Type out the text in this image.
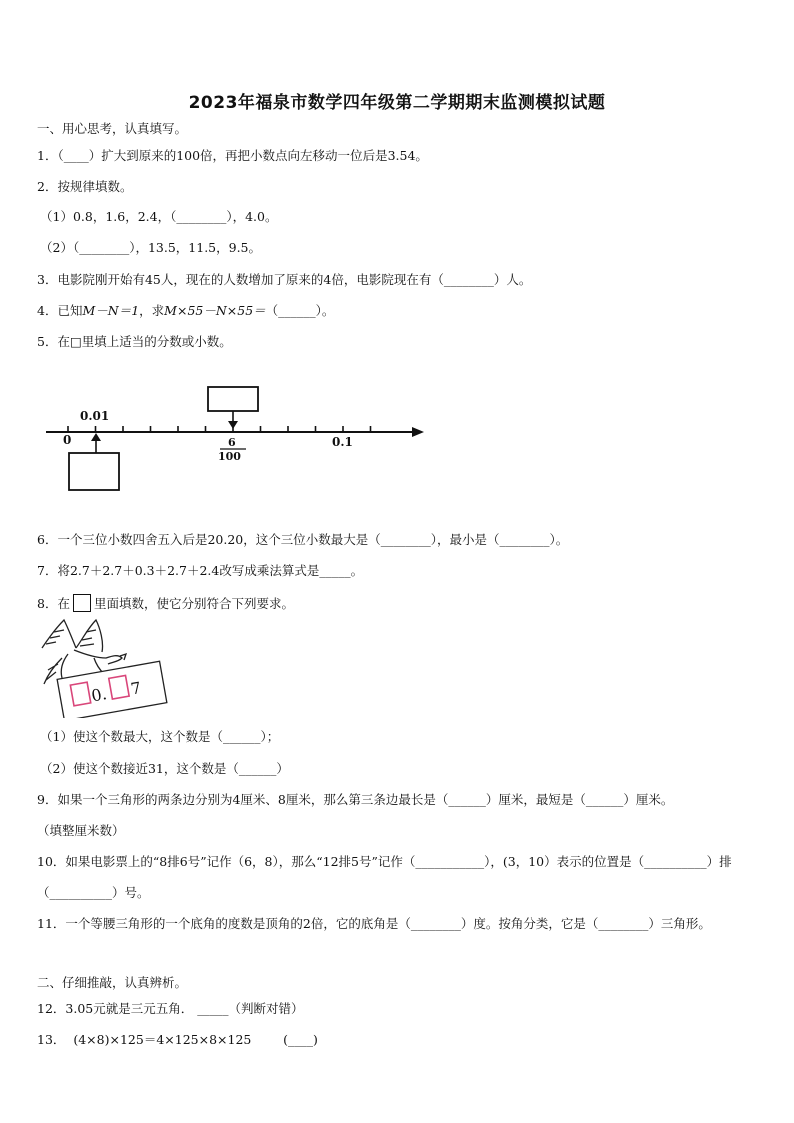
2023年福泉市数学四年级第二学期期末监测模拟试题
一、用心思考，认真填写。
1．（____）扩大到原来的100倍，再把小数点向左移动一位后是3.54。
2．按规律填数。
（1）0.8，1.6，2.4，（________），4.0。
（2）（________），13.5，11.5，9.5。
3．电影院刚开始有45人，现在的人数增加了原来的4倍，电影院现在有（________）人。
4．已知M－N＝1，求M×55－N×55＝（______）。
5．在□里填上适当的分数或小数。
0.01
0	6
100
0.1
6．一个三位小数四舍五入后是20.20，这个三位小数最大是（________），最小是（________）。
7．将2.7＋2.7＋0.3＋2.7＋2.4改写成乘法算式是_____。
8．在 里面填数，使它分别符合下列要求。
0. 7
（1）使这个数最大，这个数是（______）；
（2）使这个数接近31，这个数是（______）
9．如果一个三角形的两条边分别为4厘米、8厘米，那么第三条边最长是（______）厘米，最短是（______）厘米。
（填整厘米数）
10．如果电影票上的“8排6号”记作（6，8），那么“12排5号”记作（___________），(3，10）表示的位置是（__________）排（__________）号。
11．一个等腰三角形的一个底角的度数是顶角的2倍，它的底角是（________）度。按角分类，它是（________）三角形。
二、仔细推敲，认真辨析。
12．3.05元就是三元五角． _____（判断对错）
13．  (4×8)×125＝4×125×8×125        (____)
